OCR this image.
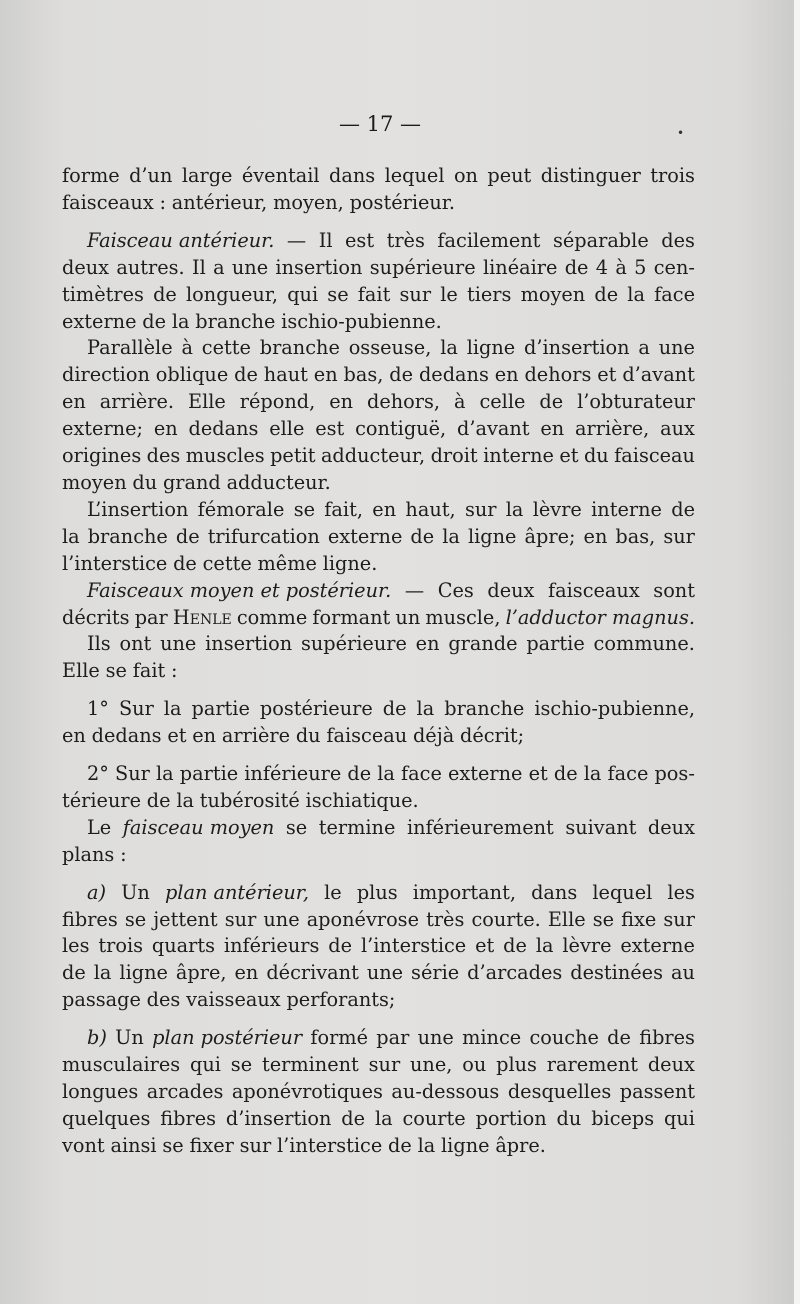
— 17 —	•
forme d’un large éventail dans lequel on peut distinguer trois
faisceaux : antérieur, moyen, postérieur.
Faisceau antérieur. — Il est très facilement séparable des
deux autres. Il a une insertion supérieure linéaire de 4 à 5 cen-
timètres de longueur, qui se fait sur le tiers moyen de la face
externe de la branche ischio-pubienne.
Parallèle à cette branche osseuse, la ligne d’insertion a une
direction oblique de haut en bas, de dedans en dehors et d’avant
en arrière. Elle répond, en dehors, à celle de l’obturateur
externe; en dedans elle est contiguë, d’avant en arrière, aux
origines des muscles petit adducteur, droit interne et du faisceau
moyen du grand adducteur.
L’insertion fémorale se fait, en haut, sur la lèvre interne de
la branche de trifurcation externe de la ligne âpre; en bas, sur
l’interstice de cette même ligne.
Faisceaux moyen et postérieur. — Ces deux faisceaux sont
décrits par Henle comme formant un muscle, l’adductor magnus.
Ils ont une insertion supérieure en grande partie commune.
Elle se fait :
1° Sur la partie postérieure de la branche ischio-pubienne,
en dedans et en arrière du faisceau déjà décrit;
2° Sur la partie inférieure de la face externe et de la face pos-
térieure de la tubérosité ischiatique.
Le faisceau moyen se termine inférieurement suivant deux
plans :
a) Un plan antérieur, le plus important, dans lequel les
fibres se jettent sur une aponévrose très courte. Elle se fixe sur
les trois quarts inférieurs de l’interstice et de la lèvre externe
de la ligne âpre, en décrivant une série d’arcades destinées au
passage des vaisseaux perforants;
b) Un plan postérieur formé par une mince couche de fibres
musculaires qui se terminent sur une, ou plus rarement deux
longues arcades aponévrotiques au-dessous desquelles passent
quelques fibres d’insertion de la courte portion du biceps qui
vont ainsi se fixer sur l’interstice de la ligne âpre.
